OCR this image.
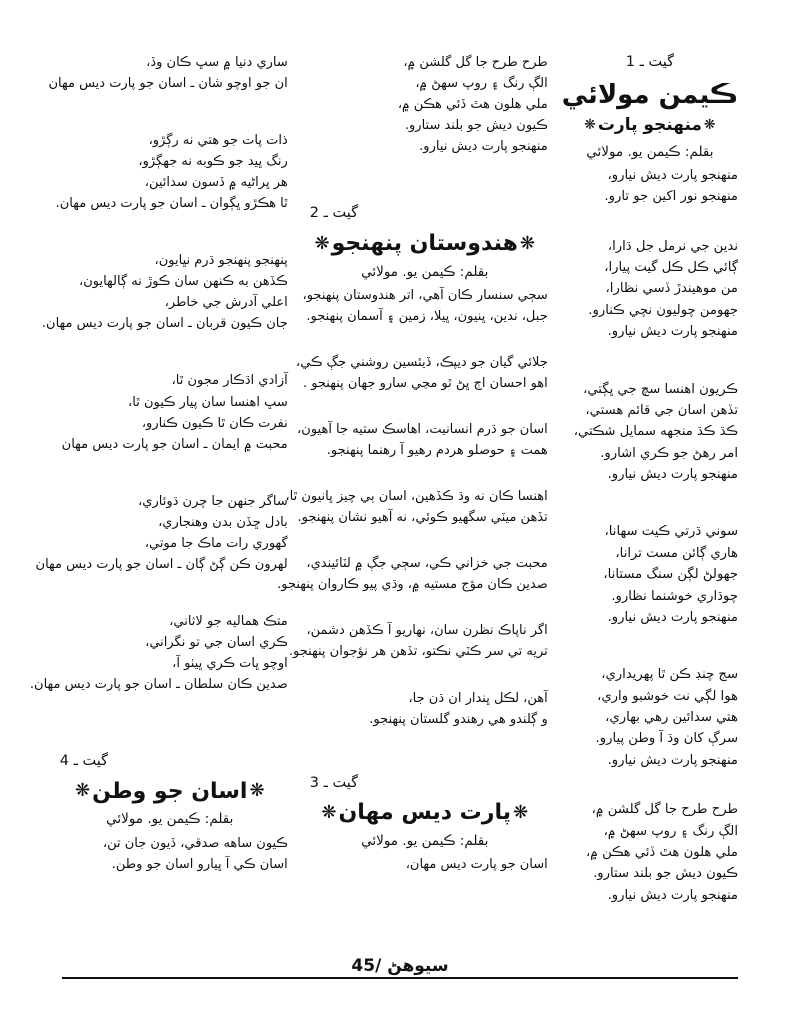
گيت ـ 1
ڪيمن مولائي
❋منهنجو پارت❋
بقلم: ڪيمن يو. مولائي

منهنجو پارت ديش نيارو،

منهنجو نور اکين جو تارو.

ندين جي نرمل جل ڌارا،

ڳائي ڪل ڪل گيت پيارا،

من موهيندڙ ڏسي نظارا،

جهومن چوليون نچي ڪنارو.

منهنجو پارت ديش نيارو.

ڪريون اهنسا سچ جي ڀڳتي،

تڏهن اسان جي قائم هستي،

ڪڌ ڪڌ منجهه سمايل شڪتي،

امر رهڻ جو ڪري اشارو.

منهنجو پارت ديش نيارو.

سوني ڌرتي ڪيت سهانا،

هاري ڳائن مست ترانا،

جهولڻ لڳن سنگ مستانا،

چوڌاري خوشنما نظارو.

منهنجو پارت ديش نيارو.

سج چنڊ ڪن ٿا پهريداري،

هوا لڳي نت خوشبو واري،

هتي سدائين رهي بهاري،

سرڳ کان وڌ آ وطن پيارو.

منهنجو پارت ديش نيارو.

طرح طرح جا گل گلشن ۾،

الڳ رنگ ۽ روپ سهڻ ۾،

ملي هلون هٿ ڏئي هڪن ۾،

ڪيون ديش جو بلند ستارو.

منهنجو پارت ديش نيارو.

طرح طرح جا گل گلشن ۾،

الڳ رنگ ۽ روپ سهڻ ۾،

ملي هلون هٿ ڏئي هڪن ۾،

ڪيون ديش جو بلند ستارو.

منهنجو پارت ديش نيارو.

گيت ـ 2
❋هندوستان پنهنجو❋
بقلم: ڪيمن يو. مولائي

سڄي سنسار ڪان آهي، اتر هندوستان پنهنجو،

جبل، ندين، ڀنيون، ڀيلا، زمين ۽ آسمان پنهنجو.

جلائي گيان جو ديپڪ، ڏيئسين روشني جڳ ڪي،

اهو احسان اڄ ڀڻ ٿو مڃي سارو جهان پنهنجو .

اسان جو ڌرم انسانيت، اهاسڪ ستيه جا آهيون،

همت ۽ حوصلو هردم رهيو آ رهنما پنهنجو.

اهنسا ڪان نه وڌ ڪڏهين، اسان ٻي چيز ڀانيون ٿا،

تڏهن ميٽي سگهيو ڪوئي، نه آهيو نشان پنهنجو.

محبت جي خزاني ڪي، سڄي جڳ ۾ لٽائيندي،

صدين ڪان مؤج مستيه ۾، وڌي پيو ڪاروان پنهنجو.

اگر ناپاڪ نظرن سان، نهاريو آ ڪڏهن دشمن،

تريه تي سر ڪٽي نڪتو، تڏهن هر نؤجوان پنهنجو.

آهن، لڪل ڀندار ان ڌن جا،

و ڳلندو هي رهندو گلستان پنهنجو.

گيت ـ 3
❋پارت ديس مهان❋
بقلم: ڪيمن يو. مولائي

اسان جو پارت ديس مهان،

ساري دنيا ۾ سڀ ڪان وڏ،

ان جو اوچو شان ـ اسان جو پارت ديس مهان

ذات پات جو هتي نه رڳڙو،

رنگ ڀيد جو ڪوبه نه جهڳڙو،

هر ڀراڻيه ۾ ڏسون سدائين،

ٿا هڪڙو ڀڳوان ـ اسان جو پارت ديس مهان.

پنهنجو پنهنجو ڌرم نڀايون،

ڪڏهن به ڪنهن سان ڪوڙ نه ڳالهايون،

اعلي آدرش جي خاطر،

جان ڪيون قربان ـ اسان جو پارت ديس مهان.

آزادي اڌڪار مجون ٿا،

سڀ اهنسا سان پيار ڪيون ٿا،

نفرت ڪان ٿا ڪيون ڪنارو،

محبت ۾ ايمان ـ اسان جو پارت ديس مهان

ساگر جنهن جا چرن ڌوئاري،

بادل ڇڏن بدن وهنجاري،

گهوري رات ماڪ جا موتي،

لهرون ڪن ڳڻ ڳان ـ اسان جو پارت ديس مهان

متڪ هماليه جو لاثاني،

ڪري اسان جي تو نگراني،

اوچو ڀات ڪري ڀيٺو آ،

صدين ڪان سلطان ـ اسان جو پارت ديس مهان.

گيت ـ 4
❋اسان جو وطن❋
بقلم: ڪيمن يو. مولائي

ڪيون ساهه صدقي، ڏيون جان تن،

اسان ڪي آ ڀيارو اسان جو وطن.

سيوهڻ /45
